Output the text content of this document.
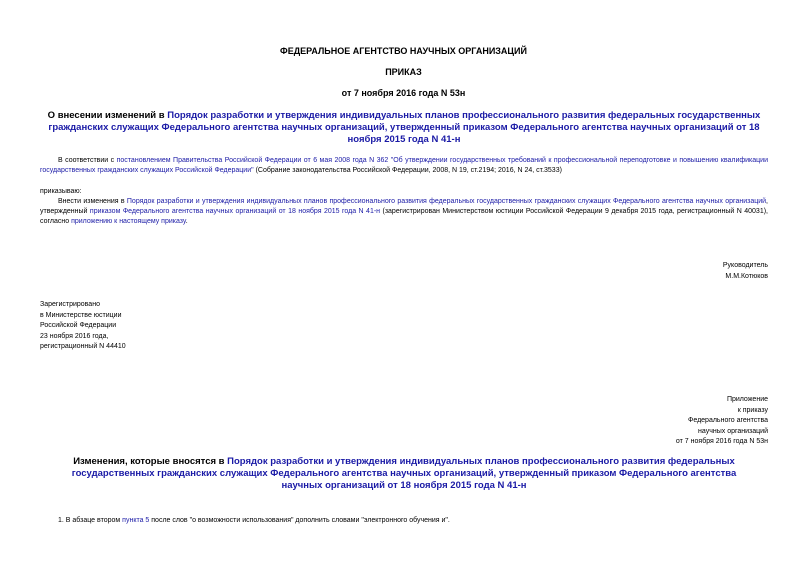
ФЕДЕРАЛЬНОЕ АГЕНТСТВО НАУЧНЫХ ОРГАНИЗАЦИЙ
ПРИКАЗ
от 7 ноября 2016 года N 53н
О внесении изменений в Порядок разработки и утверждения индивидуальных планов профессионального развития федеральных государственных гражданских служащих Федерального агентства научных организаций, утвержденный приказом Федерального агентства научных организаций от 18 ноября 2015 года N 41-н
В соответствии с постановлением Правительства Российской Федерации от 6 мая 2008 года N 362 "Об утверждении государственных требований к профессиональной переподготовке и повышению квалификации государственных гражданских служащих Российской Федерации" (Собрание законодательства Российской Федерации, 2008, N 19, ст.2194; 2016, N 24, ст.3533)
приказываю:
Внести изменения в Порядок разработки и утверждения индивидуальных планов профессионального развития федеральных государственных гражданских служащих Федерального агентства научных организаций, утвержденный приказом Федерального агентства научных организаций от 18 ноября 2015 года N 41-н (зарегистрирован Министерством юстиции Российской Федерации 9 декабря 2015 года, регистрационный N 40031), согласно приложению к настоящему приказу.
Руководитель
М.М.Котюков
Зарегистрировано
в Министерстве юстиции
Российской Федерации
23 ноября 2016 года,
регистрационный N 44410
Приложение
к приказу
Федерального агентства
научных организаций
от 7 ноября 2016 года N 53н
Изменения, которые вносятся в Порядок разработки и утверждения индивидуальных планов профессионального развития федеральных государственных гражданских служащих Федерального агентства научных организаций, утвержденный приказом Федерального агентства научных организаций от 18 ноября 2015 года N 41-н
1. В абзаце втором пункта 5 после слов "о возможности использования" дополнить словами "электронного обучения и".
